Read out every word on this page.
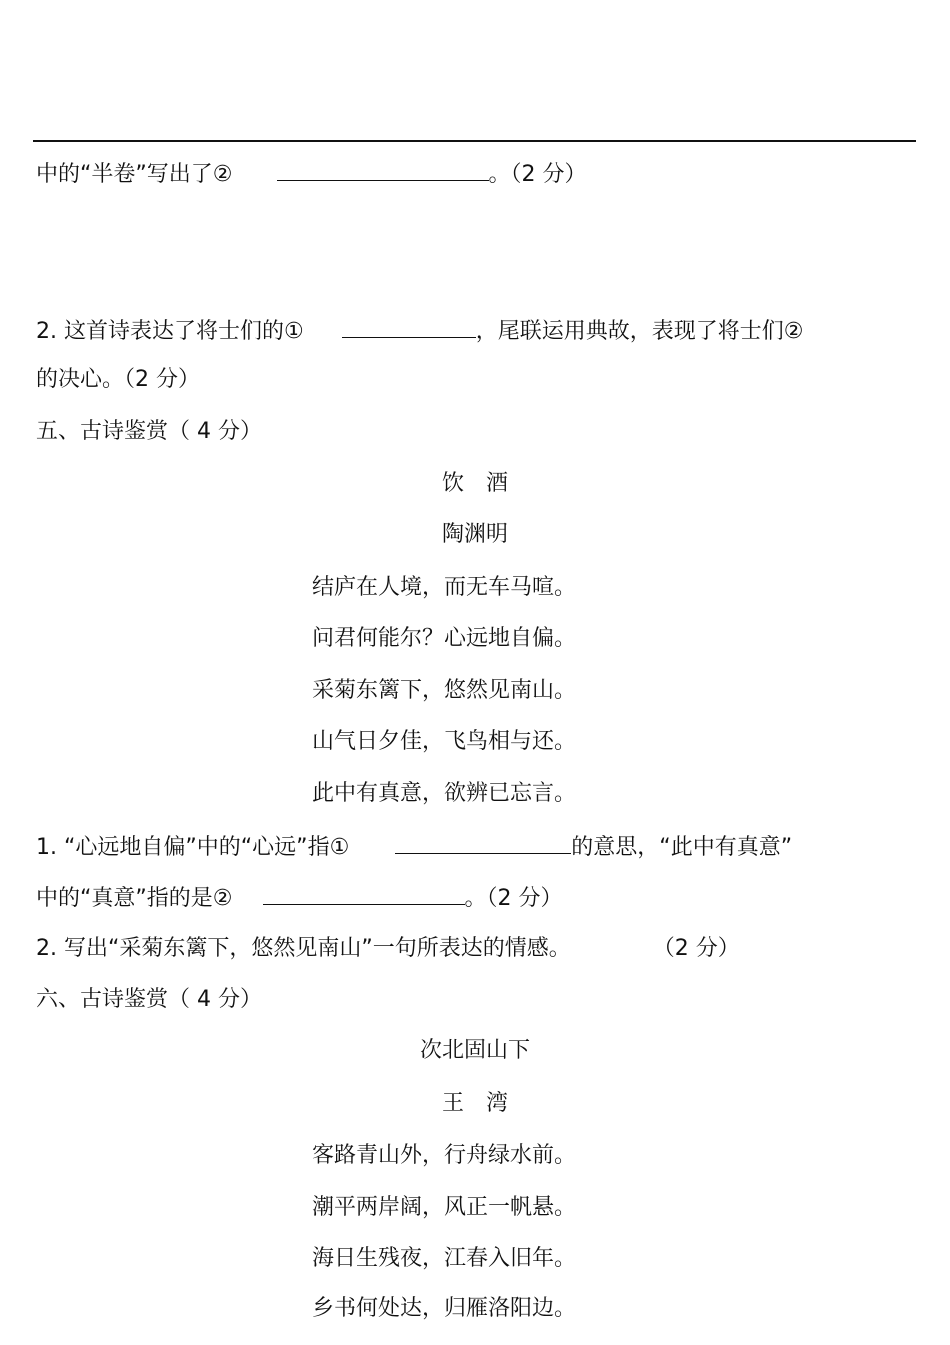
中的“半卷”写出了②	。（2 分）
2. 这首诗表达了将士们的①	，尾联运用典故，表现了将士们②
的决心。（2 分）
五、古诗鉴赏（ 4 分）
饮　酒
陶渊明
结庐在人境，而无车马喧。
问君何能尔？心远地自偏。
采菊东篱下，悠然见南山。
山气日夕佳，飞鸟相与还。
此中有真意，欲辨已忘言。
1. “心远地自偏”中的“心远”指①	的意思，“此中有真意”
中的“真意”指的是②	。（2 分）
2. 写出“采菊东篱下，悠然见南山”一句所表达的情感。	（2 分）
六、古诗鉴赏（ 4 分）
次北固山下
王　湾
客路青山外，行舟绿水前。
潮平两岸阔，风正一帆悬。
海日生残夜，江春入旧年。
乡书何处达，归雁洛阳边。
